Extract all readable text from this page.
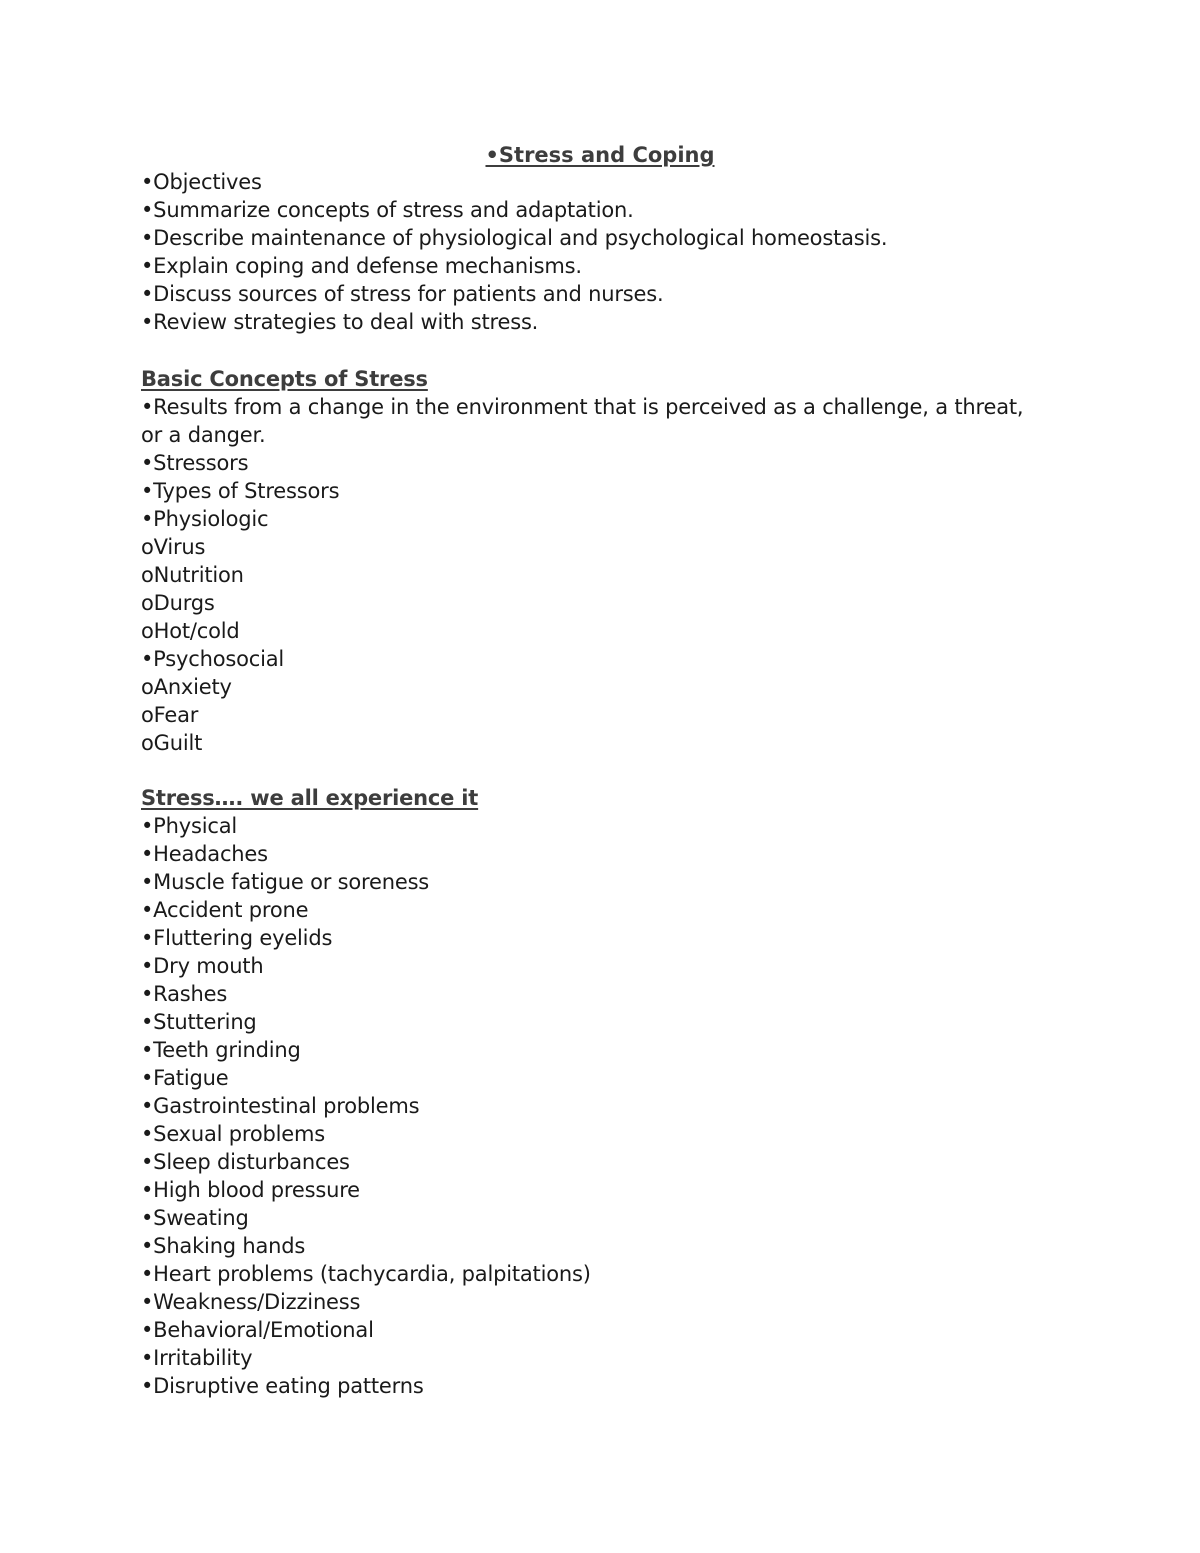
•Stress and Coping
•Objectives
•Summarize concepts of stress and adaptation.
•Describe maintenance of physiological and psychological homeostasis.
•Explain coping and defense mechanisms.
•Discuss sources of stress for patients and nurses.
•Review strategies to deal with stress.
Basic Concepts of Stress
•Results from a change in the environment that is perceived as a challenge, a threat,
or a danger.
•Stressors
•Types of Stressors
•Physiologic
oVirus
oNutrition
oDurgs
oHot/cold
•Psychosocial
oAnxiety
oFear
oGuilt
Stress…. we all experience it
•Physical
•Headaches
•Muscle fatigue or soreness
•Accident prone
•Fluttering eyelids
•Dry mouth
•Rashes
•Stuttering
•Teeth grinding
•Fatigue
•Gastrointestinal problems
•Sexual problems
•Sleep disturbances
•High blood pressure
•Sweating
•Shaking hands
•Heart problems (tachycardia, palpitations)
•Weakness/Dizziness
•Behavioral/Emotional
•Irritability
•Disruptive eating patterns
